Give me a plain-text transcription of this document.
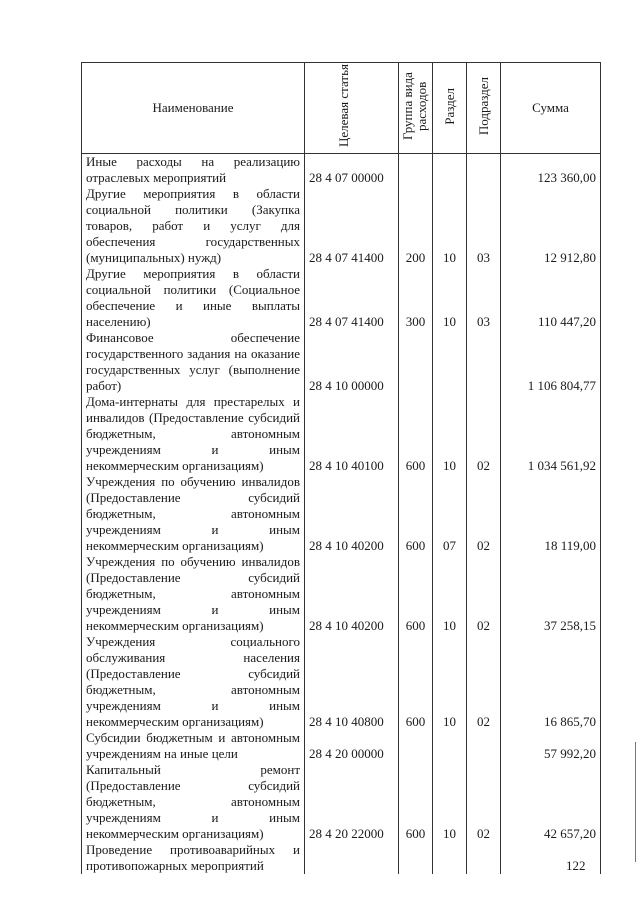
Наименование	Целевая статья	Группа вида расходов	Раздел	Подраздел	Сумма
Иные расходы на реализацию отраслевых мероприятий	28 4 07 00000				123 360,00
Другие мероприятия в области социальной политики (Закупка товаров, работ и услуг для обеспечения государственных (муниципальных) нужд)	28 4 07 41400	200	10	03	12 912,80
Другие мероприятия в области социальной политики (Социальное обеспечение и иные выплаты населению)	28 4 07 41400	300	10	03	110 447,20
Финансовое обеспечение государственного задания на оказание государственных услуг (выполнение работ)	28 4 10 00000				1 106 804,77
Дома-интернаты для престарелых и инвалидов (Предоставление субсидий бюджетным, автономным учреждениям и иным некоммерческим организациям)	28 4 10 40100	600	10	02	1 034 561,92
Учреждения по обучению инвалидов (Предоставление субсидий бюджетным, автономным учреждениям и иным некоммерческим организациям)	28 4 10 40200	600	07	02	18 119,00
Учреждения по обучению инвалидов (Предоставление субсидий бюджетным, автономным учреждениям и иным некоммерческим организациям)	28 4 10 40200	600	10	02	37 258,15
Учреждения социального обслуживания населения (Предоставление субсидий бюджетным, автономным учреждениям и иным некоммерческим организациям)	28 4 10 40800	600	10	02	16 865,70
Субсидии бюджетным и автономным учреждениям на иные цели	28 4 20 00000				57 992,20
Капитальный ремонт (Предоставление субсидий бюджетным, автономным учреждениям и иным некоммерческим организациям)	28 4 20 22000	600	10	02	42 657,20
Проведение противоаварийных и противопожарных мероприятий						122
